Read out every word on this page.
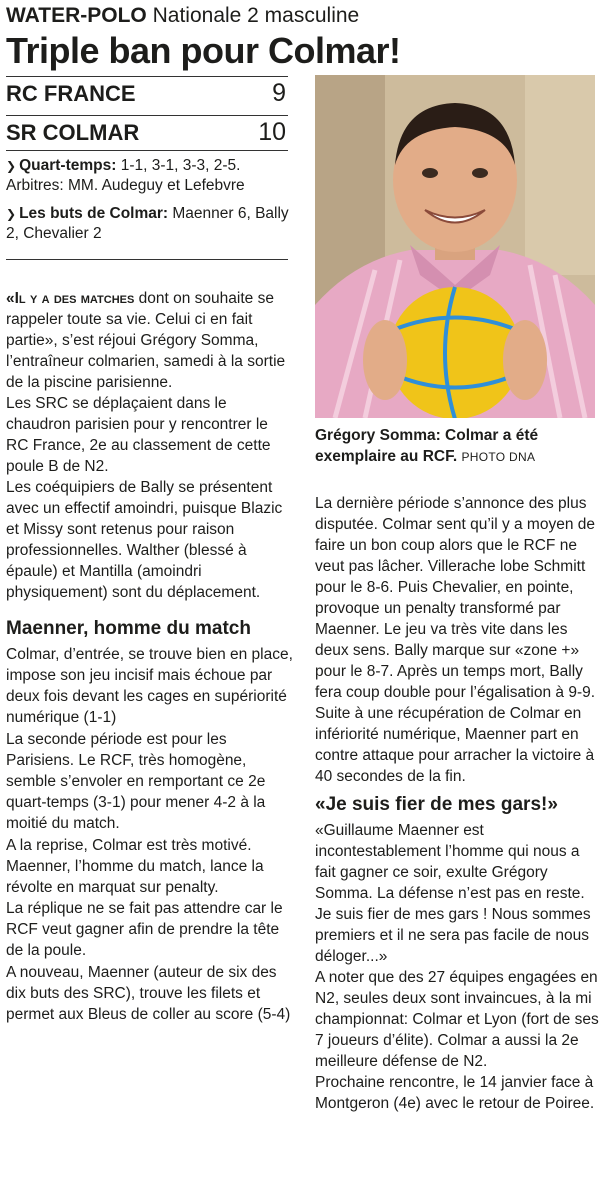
WATER-POLO Nationale 2 masculine
Triple ban pour Colmar!
RC FRANCE	9
SR COLMAR	10
❯ Quart-temps: 1-1, 3-1, 3-3, 2-5.
Arbitres: MM. Audeguy et Lefebvre
❯ Les buts de Colmar: Maenner 6, Bally 2, Chevalier 2
Grégory Somma: Colmar a été exemplaire au RCF. PHOTO DNA

«Il y a des matches dont on souhaite se rappeler toute sa vie. Celui ci en fait partie», s’est réjoui Grégory Somma, l’entraîneur colmarien, samedi à la sortie de la piscine parisienne.

Les SRC se déplaçaient dans le chaudron parisien pour y rencontrer le RC France, 2e au classement de cette poule B de N2.

Les coéquipiers de Bally se présentent avec un effectif amoindri, puisque Blazic et Missy sont retenus pour raison professionnelles. Walther (blessé à épaule) et Mantilla (amoindri physiquement) sont du déplacement.

Maenner, homme du match

Colmar, d’entrée, se trouve bien en place, impose son jeu incisif mais échoue par deux fois devant les cages en supériorité numérique (1-1)

La seconde période est pour les Parisiens. Le RCF, très homogène, semble s’envoler en remportant ce 2e quart-temps (3-1) pour mener 4-2 à la moitié du match.

A la reprise, Colmar est très motivé. Maenner, l’homme du match, lance la révolte en marquat sur penalty.

La réplique ne se fait pas attendre car le RCF veut gagner afin de prendre la tête de la poule.

A nouveau, Maenner (auteur de six des dix buts des SRC), trouve les filets et permet aux Bleus de coller au score (5-4)

La dernière période s’annonce des plus disputée. Colmar sent qu’il y a moyen de faire un bon coup alors que le RCF ne veut pas lâcher. Villerache lobe Schmitt pour le 8-6. Puis Chevalier, en pointe, provoque un penalty transformé par Maenner. Le jeu va très vite dans les deux sens. Bally marque sur «zone +» pour le 8-7. Après un temps mort, Bally fera coup double pour l’égalisation à 9-9.

Suite à une récupération de Colmar en infériorité numérique, Maenner part en contre attaque pour arracher la victoire à 40 secondes de la fin.

«Je suis fier de mes gars!»

«Guillaume Maenner est incontestablement l’homme qui nous a fait gagner ce soir, exulte Grégory Somma. La défense n’est pas en reste. Je suis fier de mes gars ! Nous sommes premiers et il ne sera pas facile de nous déloger...»

A noter que des 27 équipes engagées en N2, seules deux sont invaincues, à la mi championnat: Colmar et Lyon (fort de ses 7 joueurs d’élite). Colmar a aussi la 2e meilleure défense de N2.

Prochaine rencontre, le 14 janvier face à Montgeron (4e) avec le retour de Poiree.
